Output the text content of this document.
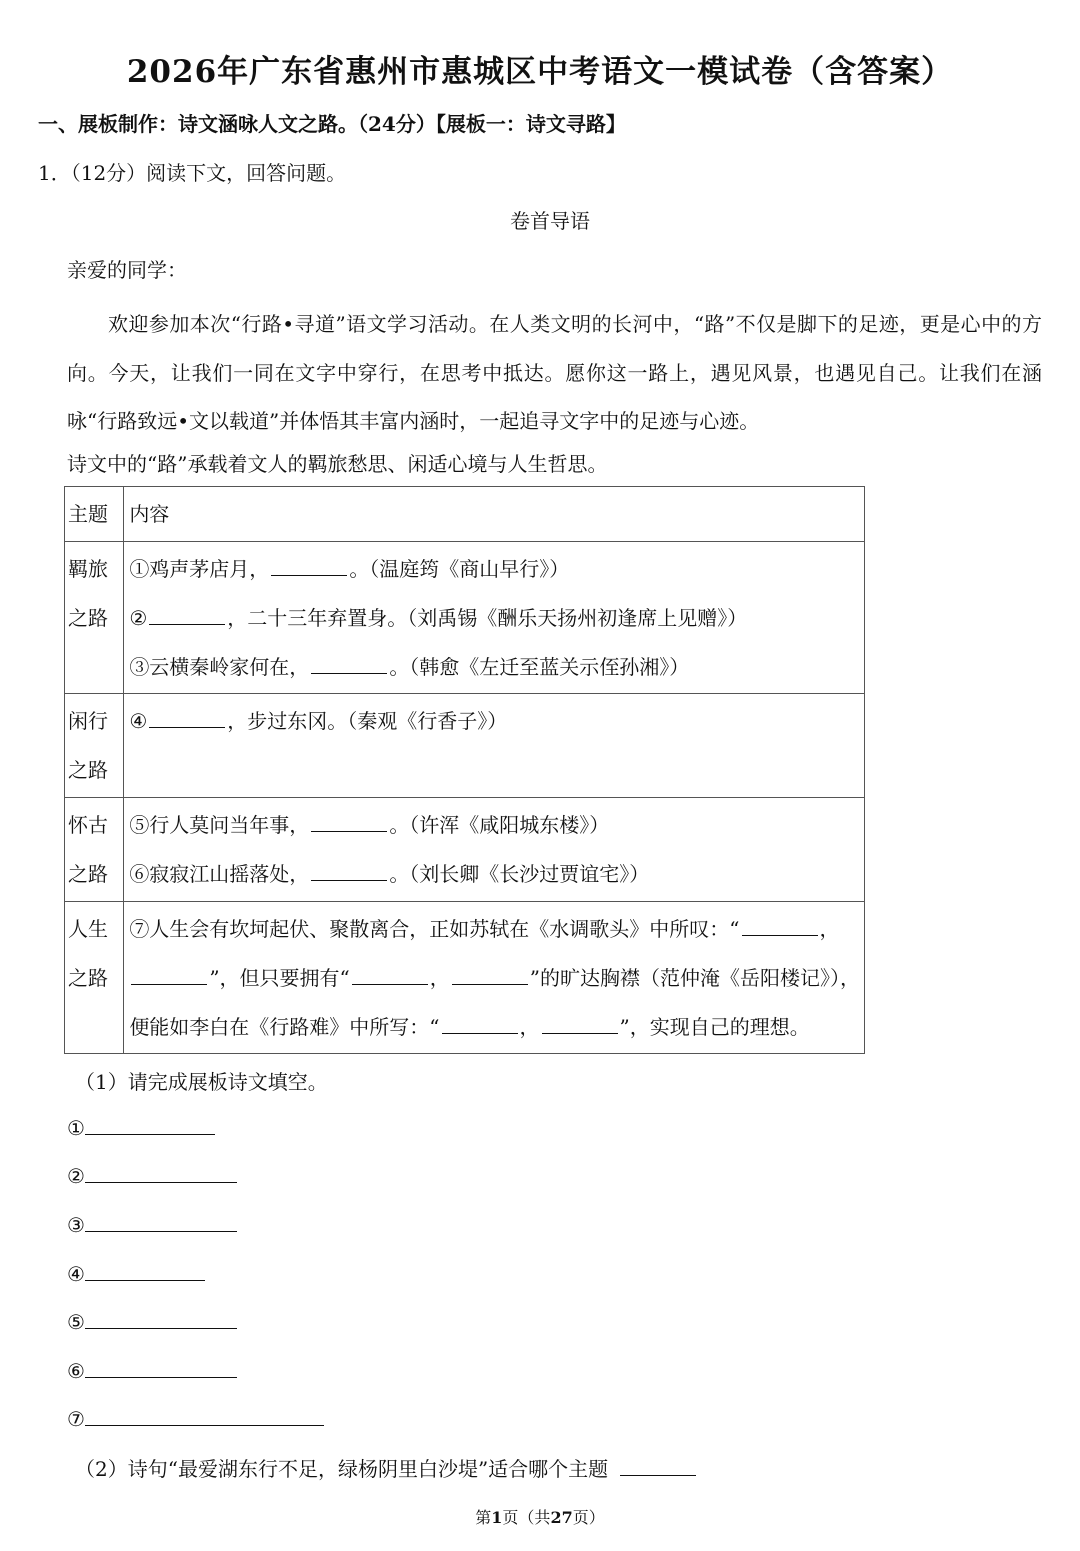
2026年广东省惠州市惠城区中考语文一模试卷（含答案）
一、展板制作：诗文涵咏人文之路。（24分）【展板一：诗文寻路】
1．（12分）阅读下文，回答问题。
卷首导语
亲爱的同学：
欢迎参加本次“行路•寻道”语文学习活动。在人类文明的长河中，“路”不仅是脚下的足迹，更是心中的方向。今天，让我们一同在文字中穿行，在思考中抵达。愿你这一路上，遇见风景，也遇见自己。让我们在涵咏“行路致远•文以载道”并体悟其丰富内涵时，一起追寻文字中的足迹与心迹。
诗文中的“路”承载着文人的羁旅愁思、闲适心境与人生哲思。
主题	内容
羁旅之路	①鸡声茅店月， 。（温庭筠《商山早行》）
② ，二十三年弃置身。（刘禹锡《酬乐天扬州初逢席上见赠》）
③云横秦岭家何在， 。（韩愈《左迁至蓝关示侄孙湘》）

闲行之路	④ ，步过东冈。（秦观《行香子》）

怀古之路	⑤行人莫问当年事， 。（许浑《咸阳城东楼》）
⑥寂寂江山摇落处， 。（刘长卿《长沙过贾谊宅》）

人生之路	⑦人生会有坎坷起伏、聚散离合，正如苏轼在《水调歌头》中所叹：“ ，
”，但只要拥有“ ， ”的旷达胸襟（范仲淹《岳阳楼记》），
便能如李白在《行路难》中所写：“ ， ”，实现自己的理想。
（1）请完成展板诗文填空。
①
②
③
④
⑤
⑥
⑦
（2）诗句“最爱湖东行不足，绿杨阴里白沙堤”适合哪个主题
第1页（共27页）
